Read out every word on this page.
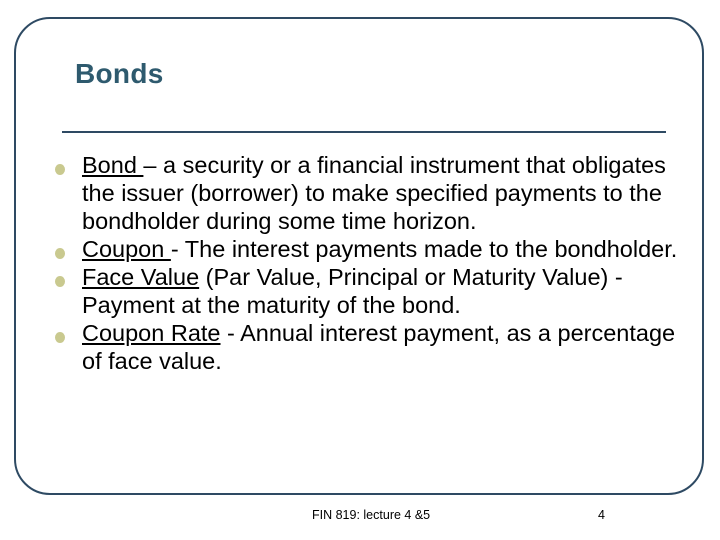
Bonds
Bond – a security or a financial instrument that obligates the issuer (borrower) to make specified payments to the bondholder during some time horizon.
Coupon - The interest payments made to the bondholder.
Face Value (Par Value, Principal or Maturity Value) - Payment at the maturity of the bond.
Coupon Rate - Annual interest payment, as a percentage of face value.
FIN 819: lecture 4 &5	4
